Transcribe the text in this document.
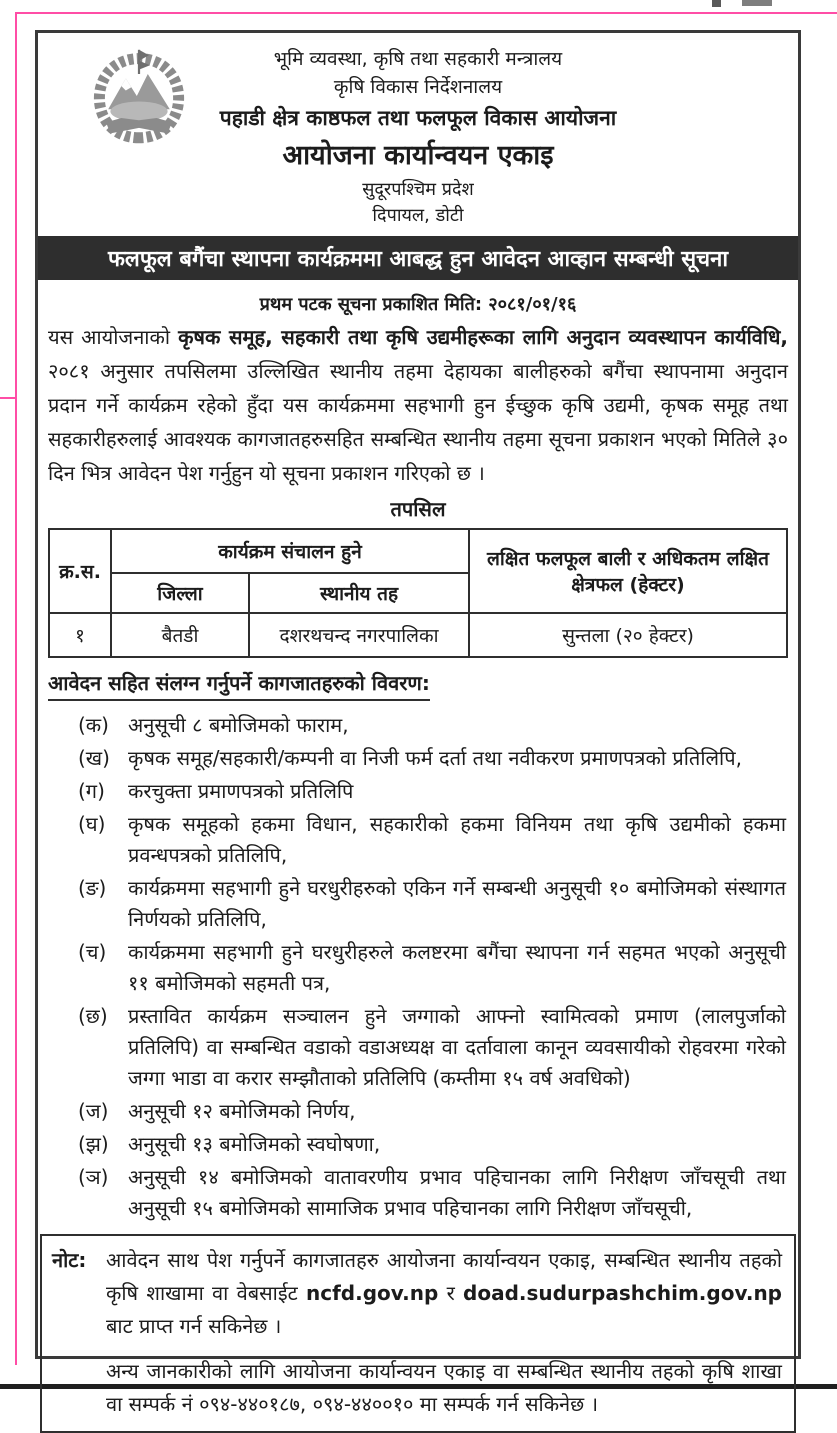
भूमि व्यवस्था, कृषि तथा सहकारी मन्त्रालय
कृषि विकास निर्देशनालय
पहाडी क्षेत्र काष्ठफल तथा फलफूल विकास आयोजना
आयोजना कार्यान्वयन एकाइ
सुदूरपश्चिम प्रदेश
दिपायल, डोटी
फलफूल बगैंचा स्थापना कार्यक्रममा आबद्ध हुन आवेदन आव्हान सम्बन्धी सूचना
प्रथम पटक सूचना प्रकाशित मिति: २०८१/०१/१६
यस आयोजनाको कृषक समूह, सहकारी तथा कृषि उद्यमीहरूका लागि अनुदान व्यवस्थापन कार्यविधि, २०८१ अनुसार तपसिलमा उल्लिखित स्थानीय तहमा देहायका बालीहरुको बगैंचा स्थापनामा अनुदान प्रदान गर्ने कार्यक्रम रहेको हुँदा यस कार्यक्रममा सहभागी हुन ईच्छुक कृषि उद्यमी, कृषक समूह तथा सहकारीहरुलाई आवश्यक कागजातहरुसहित सम्बन्धित स्थानीय तहमा सूचना प्रकाशन भएको मितिले ३० दिन भित्र आवेदन पेश गर्नुहुन यो सूचना प्रकाशन गरिएको छ ।
तपसिल
क्र.स.	कार्यक्रम संचालन हुने		लक्षित फलफूल बाली र अधिकतम लक्षित क्षेत्रफल (हेक्टर)
	जिल्ला	स्थानीय तह	
१	बैतडी	दशरथचन्द नगरपालिका	सुन्तला (२० हेक्टर)
आवेदन सहित संलग्न गर्नुपर्ने कागजातहरुको विवरण:
(क) अनुसूची ८ बमोजिमको फाराम,
(ख) कृषक समूह/सहकारी/कम्पनी वा निजी फर्म दर्ता तथा नवीकरण प्रमाणपत्रको प्रतिलिपि,
(ग)	करचुक्ता प्रमाणपत्रको प्रतिलिपि
(घ)	कृषक समूहको हकमा विधान, सहकारीको हकमा विनियम तथा कृषि उद्यमीको हकमा प्रवन्धपत्रको प्रतिलिपि,
(ङ)	कार्यक्रममा सहभागी हुने घरधुरीहरुको एकिन गर्ने सम्बन्धी अनुसूची १० बमोजिमको संस्थागत निर्णयको प्रतिलिपि,
(च)	कार्यक्रममा सहभागी हुने घरधुरीहरुले कलष्टरमा बगैंचा स्थापना गर्न सहमत भएको अनुसूची ११ बमोजिमको सहमती पत्र,
(छ)	प्रस्तावित कार्यक्रम सञ्चालन हुने जग्गाको आफ्नो स्वामित्वको प्रमाण (लालपुर्जाको प्रतिलिपि) वा सम्बन्धित वडाको वडाअध्यक्ष वा दर्तावाला कानून व्यवसायीको रोहवरमा गरेको जग्गा भाडा वा करार सम्झौताको प्रतिलिपि (कम्तीमा १५ वर्ष अवधिको)
(ज) अनुसूची १२ बमोजिमको निर्णय,
(झ) अनुसूची १३ बमोजिमको स्वघोषणा,
(ञ) अनुसूची १४ बमोजिमको वातावरणीय प्रभाव पहिचानका लागि निरीक्षण जाँचसूची तथा अनुसूची १५ बमोजिमको सामाजिक प्रभाव पहिचानका लागि निरीक्षण जाँचसूची,
नोट: आवेदन साथ पेश गर्नुपर्ने कागजातहरु आयोजना कार्यान्वयन एकाइ, सम्बन्धित स्थानीय तहको कृषि शाखामा वा वेबसाईट ncfd.gov.np र doad.sudurpashchim.gov.np बाट प्राप्त गर्न सकिनेछ ।
अन्य जानकारीको लागि आयोजना कार्यान्वयन एकाइ वा सम्बन्धित स्थानीय तहको कृषि शाखा वा सम्पर्क नं ०९४-४४०१८७, ०९४-४४००१० मा सम्पर्क गर्न सकिनेछ ।
